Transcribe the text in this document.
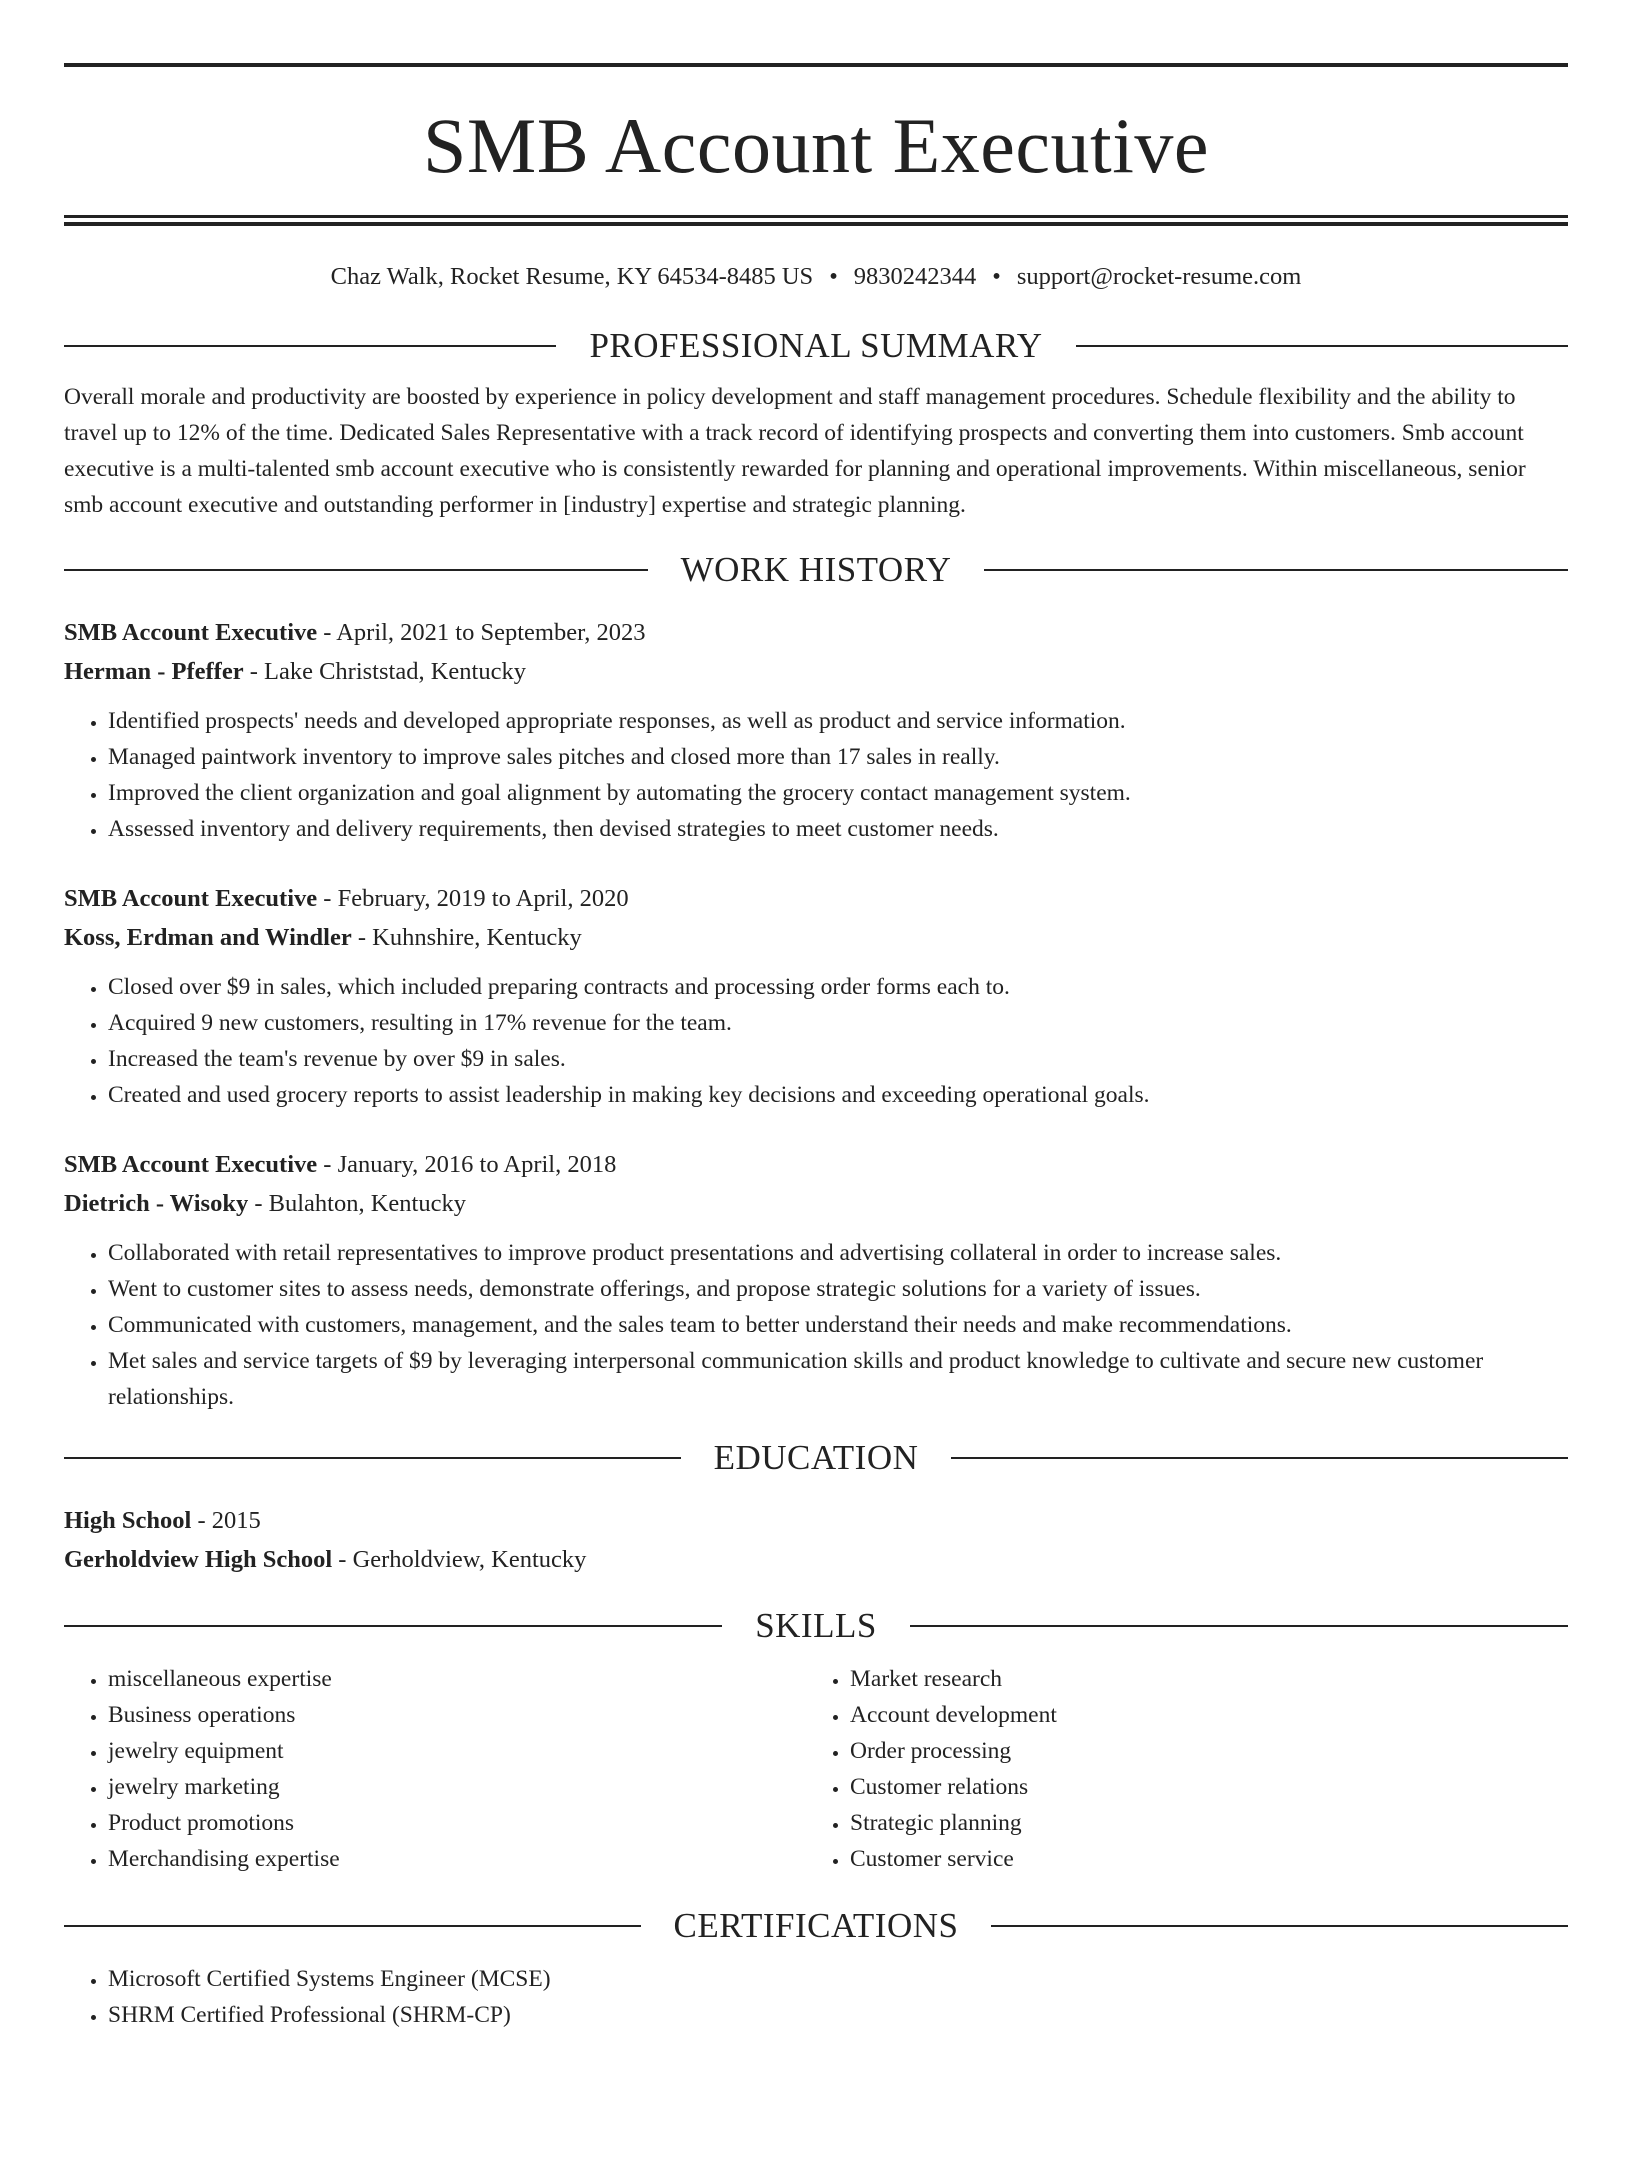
SMB Account Executive
Chaz Walk, Rocket Resume, KY 64534-8485 US • 9830242344 • support@rocket-resume.com
PROFESSIONAL SUMMARY

Overall morale and productivity are boosted by experience in policy development and staff management procedures. Schedule flexibility and the ability to travel up to 12% of the time. Dedicated Sales Representative with a track record of identifying prospects and converting them into customers. Smb account executive is a multi-talented smb account executive who is consistently rewarded for planning and operational improvements. Within miscellaneous, senior smb account executive and outstanding performer in [industry] expertise and strategic planning.

WORK HISTORY
SMB Account Executive - April, 2021 to September, 2023
Herman - Pfeffer - Lake Christstad, Kentucky
• Identified prospects' needs and developed appropriate responses, as well as product and service information.
• Managed paintwork inventory to improve sales pitches and closed more than 17 sales in really.
• Improved the client organization and goal alignment by automating the grocery contact management system.
• Assessed inventory and delivery requirements, then devised strategies to meet customer needs.
SMB Account Executive - February, 2019 to April, 2020
Koss, Erdman and Windler - Kuhnshire, Kentucky
• Closed over $9 in sales, which included preparing contracts and processing order forms each to.
• Acquired 9 new customers, resulting in 17% revenue for the team.
• Increased the team's revenue by over $9 in sales.
• Created and used grocery reports to assist leadership in making key decisions and exceeding operational goals.
SMB Account Executive - January, 2016 to April, 2018
Dietrich - Wisoky - Bulahton, Kentucky
• Collaborated with retail representatives to improve product presentations and advertising collateral in order to increase sales.
• Went to customer sites to assess needs, demonstrate offerings, and propose strategic solutions for a variety of issues.
• Communicated with customers, management, and the sales team to better understand their needs and make recommendations.
• Met sales and service targets of $9 by leveraging interpersonal communication skills and product knowledge to cultivate and secure new customer relationships.
EDUCATION
High School - 2015
Gerholdview High School - Gerholdview, Kentucky
SKILLS
• miscellaneous expertise
• Business operations
• jewelry equipment
• jewelry marketing
• Product promotions
• Merchandising expertise
• Market research
• Account development
• Order processing
• Customer relations
• Strategic planning
• Customer service
CERTIFICATIONS
• Microsoft Certified Systems Engineer (MCSE)
• SHRM Certified Professional (SHRM-CP)
